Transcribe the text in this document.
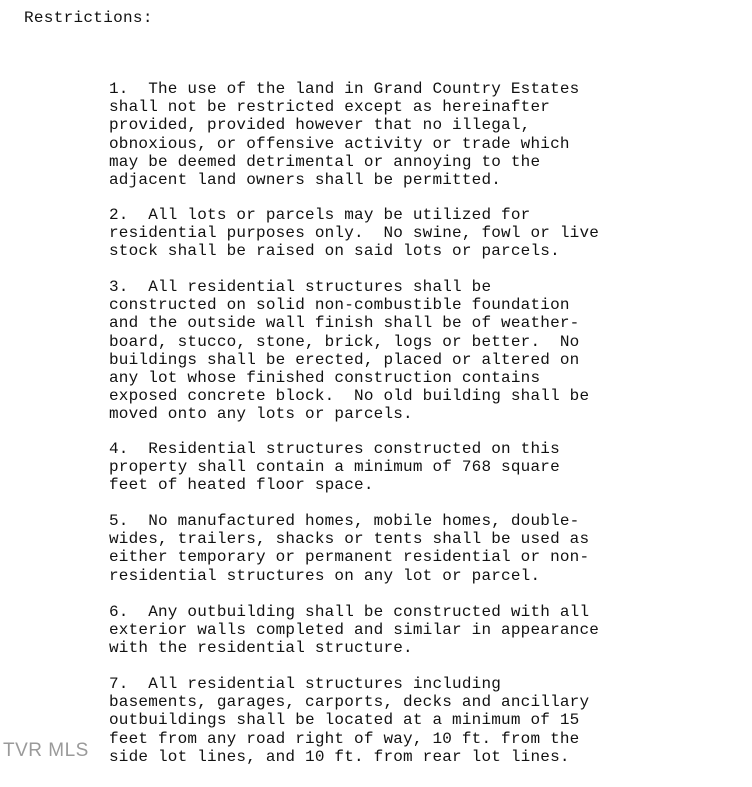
Restrictions:
1.  The use of the land in Grand Country Estates
shall not be restricted except as hereinafter
provided, provided however that no illegal,
obnoxious, or offensive activity or trade which
may be deemed detrimental or annoying to the
adjacent land owners shall be permitted.
2.  All lots or parcels may be utilized for
residential purposes only.  No swine, fowl or live
stock shall be raised on said lots or parcels.
3.  All residential structures shall be
constructed on solid non-combustible foundation
and the outside wall finish shall be of weather-
board, stucco, stone, brick, logs or better.  No
buildings shall be erected, placed or altered on
any lot whose finished construction contains
exposed concrete block.  No old building shall be
moved onto any lots or parcels.
4.  Residential structures constructed on this
property shall contain a minimum of 768 square
feet of heated floor space.
5.  No manufactured homes, mobile homes, double-
wides, trailers, shacks or tents shall be used as
either temporary or permanent residential or non-
residential structures on any lot or parcel.
6.  Any outbuilding shall be constructed with all
exterior walls completed and similar in appearance
with the residential structure.
7.  All residential structures including
basements, garages, carports, decks and ancillary
outbuildings shall be located at a minimum of 15
feet from any road right of way, 10 ft. from the
side lot lines, and 10 ft. from rear lot lines.
TVR MLS
